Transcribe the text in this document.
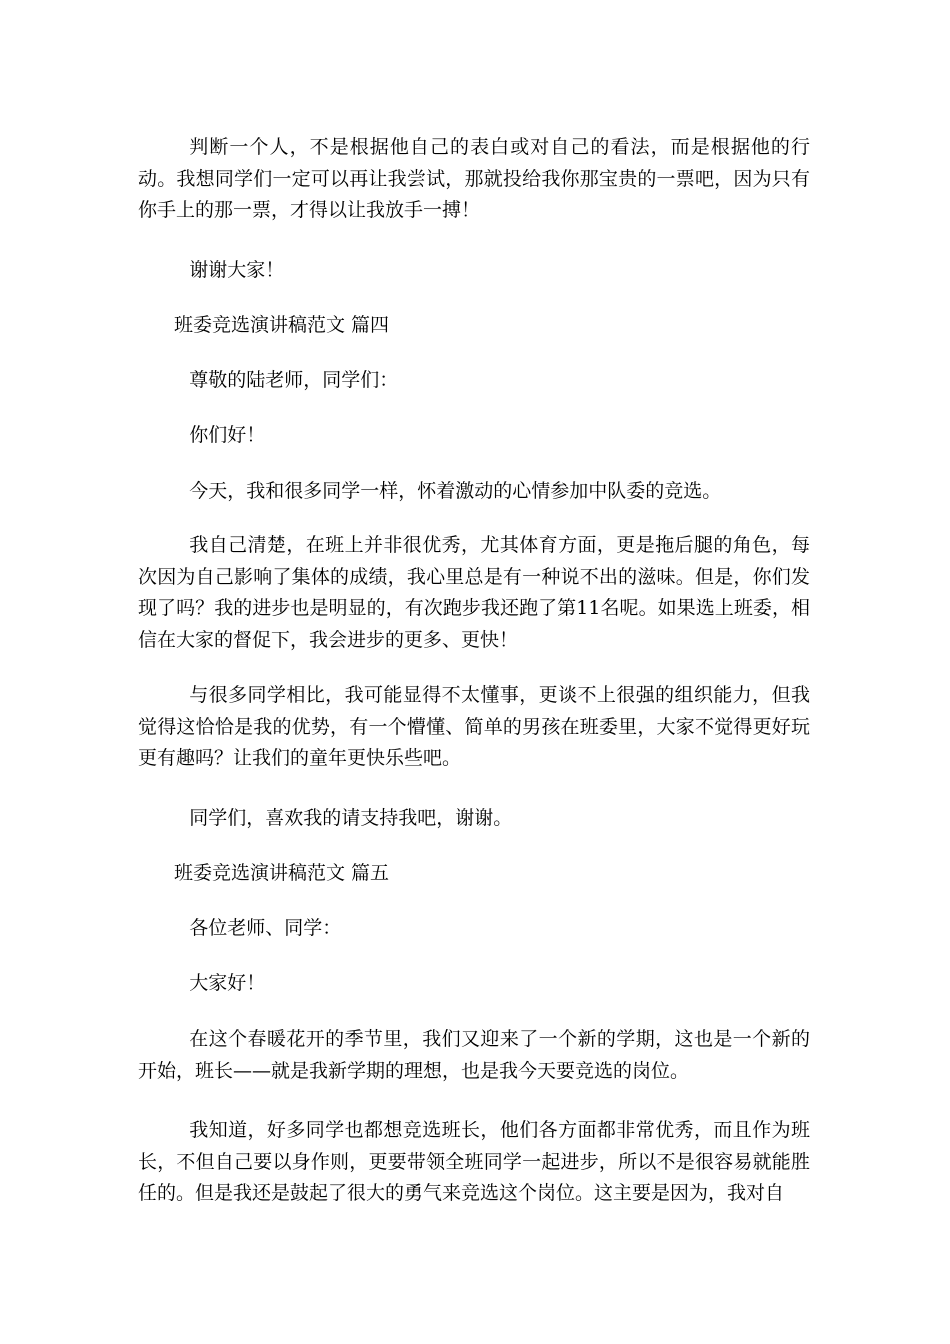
判断一个人，不是根据他自己的表白或对自己的看法，而是根据他的行动。我想同学们一定可以再让我尝试，那就投给我你那宝贵的一票吧，因为只有你手上的那一票，才得以让我放手一搏！

谢谢大家！

班委竞选演讲稿范文 篇四

尊敬的陆老师，同学们：

你们好！

今天，我和很多同学一样，怀着激动的心情参加中队委的竞选。

我自己清楚，在班上并非很优秀，尤其体育方面，更是拖后腿的角色，每次因为自己影响了集体的成绩，我心里总是有一种说不出的滋味。但是，你们发现了吗？我的进步也是明显的，有次跑步我还跑了第11名呢。如果选上班委，相信在大家的督促下，我会进步的更多、更快！

与很多同学相比，我可能显得不太懂事，更谈不上很强的组织能力，但我觉得这恰恰是我的优势，有一个懵懂、简单的男孩在班委里，大家不觉得更好玩更有趣吗？让我们的童年更快乐些吧。

同学们，喜欢我的请支持我吧，谢谢。

班委竞选演讲稿范文 篇五

各位老师、同学：

大家好！

在这个春暖花开的季节里，我们又迎来了一个新的学期，这也是一个新的开始，班长——就是我新学期的理想，也是我今天要竞选的岗位。

我知道，好多同学也都想竞选班长，他们各方面都非常优秀，而且作为班长，不但自己要以身作则，更要带领全班同学一起进步，所以不是很容易就能胜任的。但是我还是鼓起了很大的勇气来竞选这个岗位。这主要是因为，我对自
